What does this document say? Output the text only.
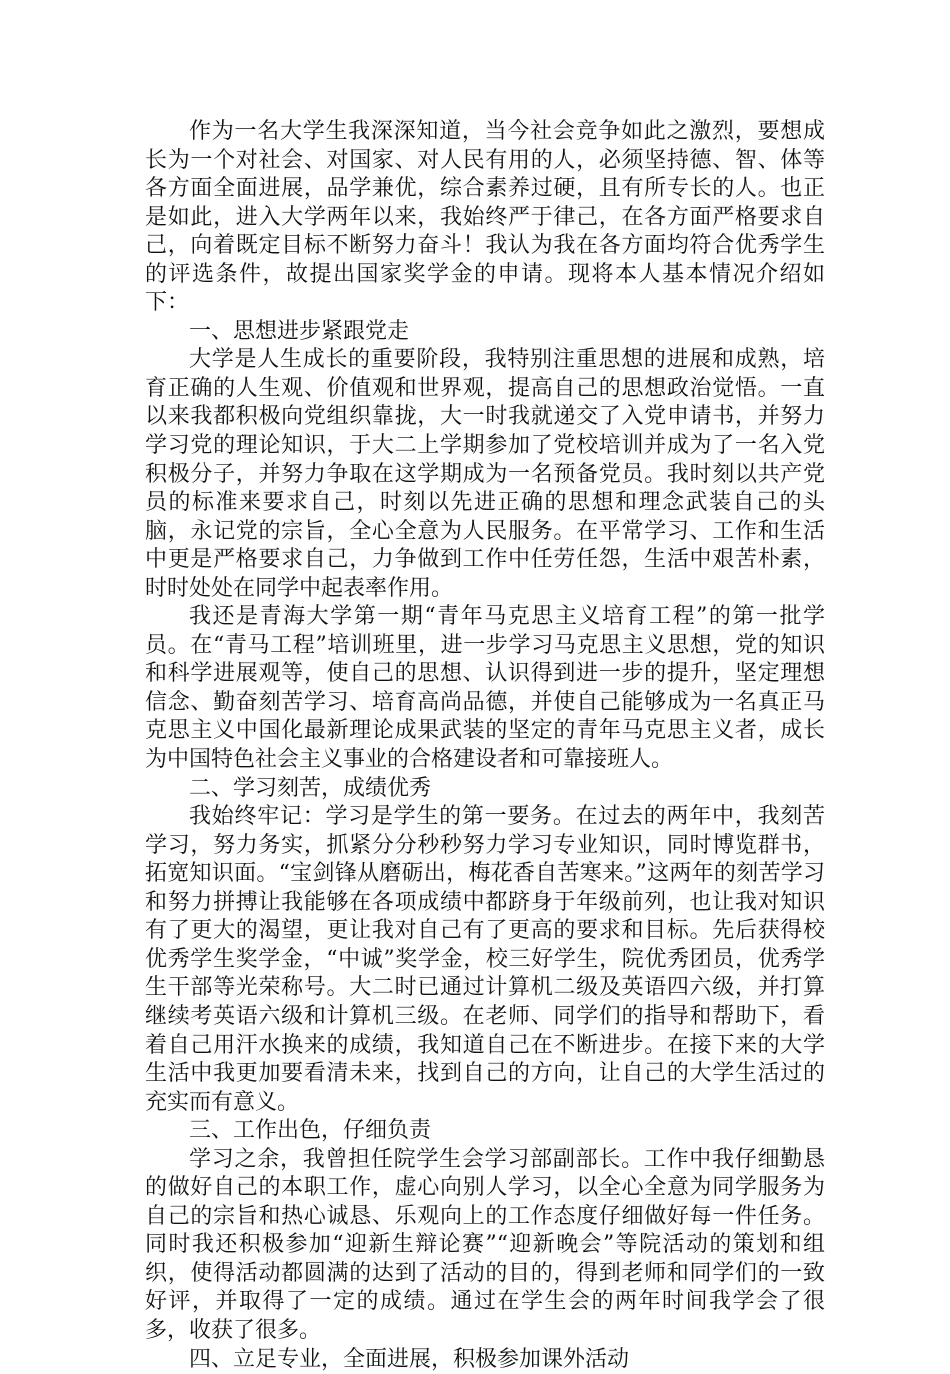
作为一名大学生我深深知道，当今社会竞争如此之激烈，要想成长为一个对社会、对国家、对人民有用的人，必须坚持德、智、体等各方面全面进展，品学兼优，综合素养过硬，且有所专长的人。也正是如此，进入大学两年以来，我始终严于律己，在各方面严格要求自己，向着既定目标不断努力奋斗！我认为我在各方面均符合优秀学生的评选条件，故提出国家奖学金的申请。现将本人基本情况介绍如下：

一、思想进步紧跟党走

大学是人生成长的重要阶段，我特别注重思想的进展和成熟，培育正确的人生观、价值观和世界观，提高自己的思想政治觉悟。一直以来我都积极向党组织靠拢，大一时我就递交了入党申请书，并努力学习党的理论知识，于大二上学期参加了党校培训并成为了一名入党积极分子，并努力争取在这学期成为一名预备党员。我时刻以共产党员的标准来要求自己，时刻以先进正确的思想和理念武装自己的头脑，永记党的宗旨，全心全意为人民服务。在平常学习、工作和生活中更是严格要求自己，力争做到工作中任劳任怨，生活中艰苦朴素，时时处处在同学中起表率作用。

我还是青海大学第一期“青年马克思主义培育工程”的第一批学员。在“青马工程”培训班里，进一步学习马克思主义思想，党的知识和科学进展观等，使自己的思想、认识得到进一步的提升，坚定理想信念、勤奋刻苦学习、培育高尚品德，并使自己能够成为一名真正马克思主义中国化最新理论成果武装的坚定的青年马克思主义者，成长为中国特色社会主义事业的合格建设者和可靠接班人。

二、学习刻苦，成绩优秀

我始终牢记：学习是学生的第一要务。在过去的两年中，我刻苦学习，努力务实，抓紧分分秒秒努力学习专业知识，同时博览群书，拓宽知识面。“宝剑锋从磨砺出，梅花香自苦寒来。”这两年的刻苦学习和努力拼搏让我能够在各项成绩中都跻身于年级前列，也让我对知识有了更大的渴望，更让我对自己有了更高的要求和目标。先后获得校优秀学生奖学金，“中诚”奖学金，校三好学生，院优秀团员，优秀学生干部等光荣称号。大二时已通过计算机二级及英语四六级，并打算继续考英语六级和计算机三级。在老师、同学们的指导和帮助下，看着自己用汗水换来的成绩，我知道自己在不断进步。在接下来的大学生活中我更加要看清未来，找到自己的方向，让自己的大学生活过的充实而有意义。

三、工作出色，仔细负责

学习之余，我曾担任院学生会学习部副部长。工作中我仔细勤恳的做好自己的本职工作，虚心向别人学习，以全心全意为同学服务为自己的宗旨和热心诚恳、乐观向上的工作态度仔细做好每一件任务。同时我还积极参加“迎新生辩论赛”“迎新晚会”等院活动的策划和组织，使得活动都圆满的达到了活动的目的，得到老师和同学们的一致好评，并取得了一定的成绩。通过在学生会的两年时间我学会了很多，收获了很多。

四、立足专业，全面进展，积极参加课外活动
